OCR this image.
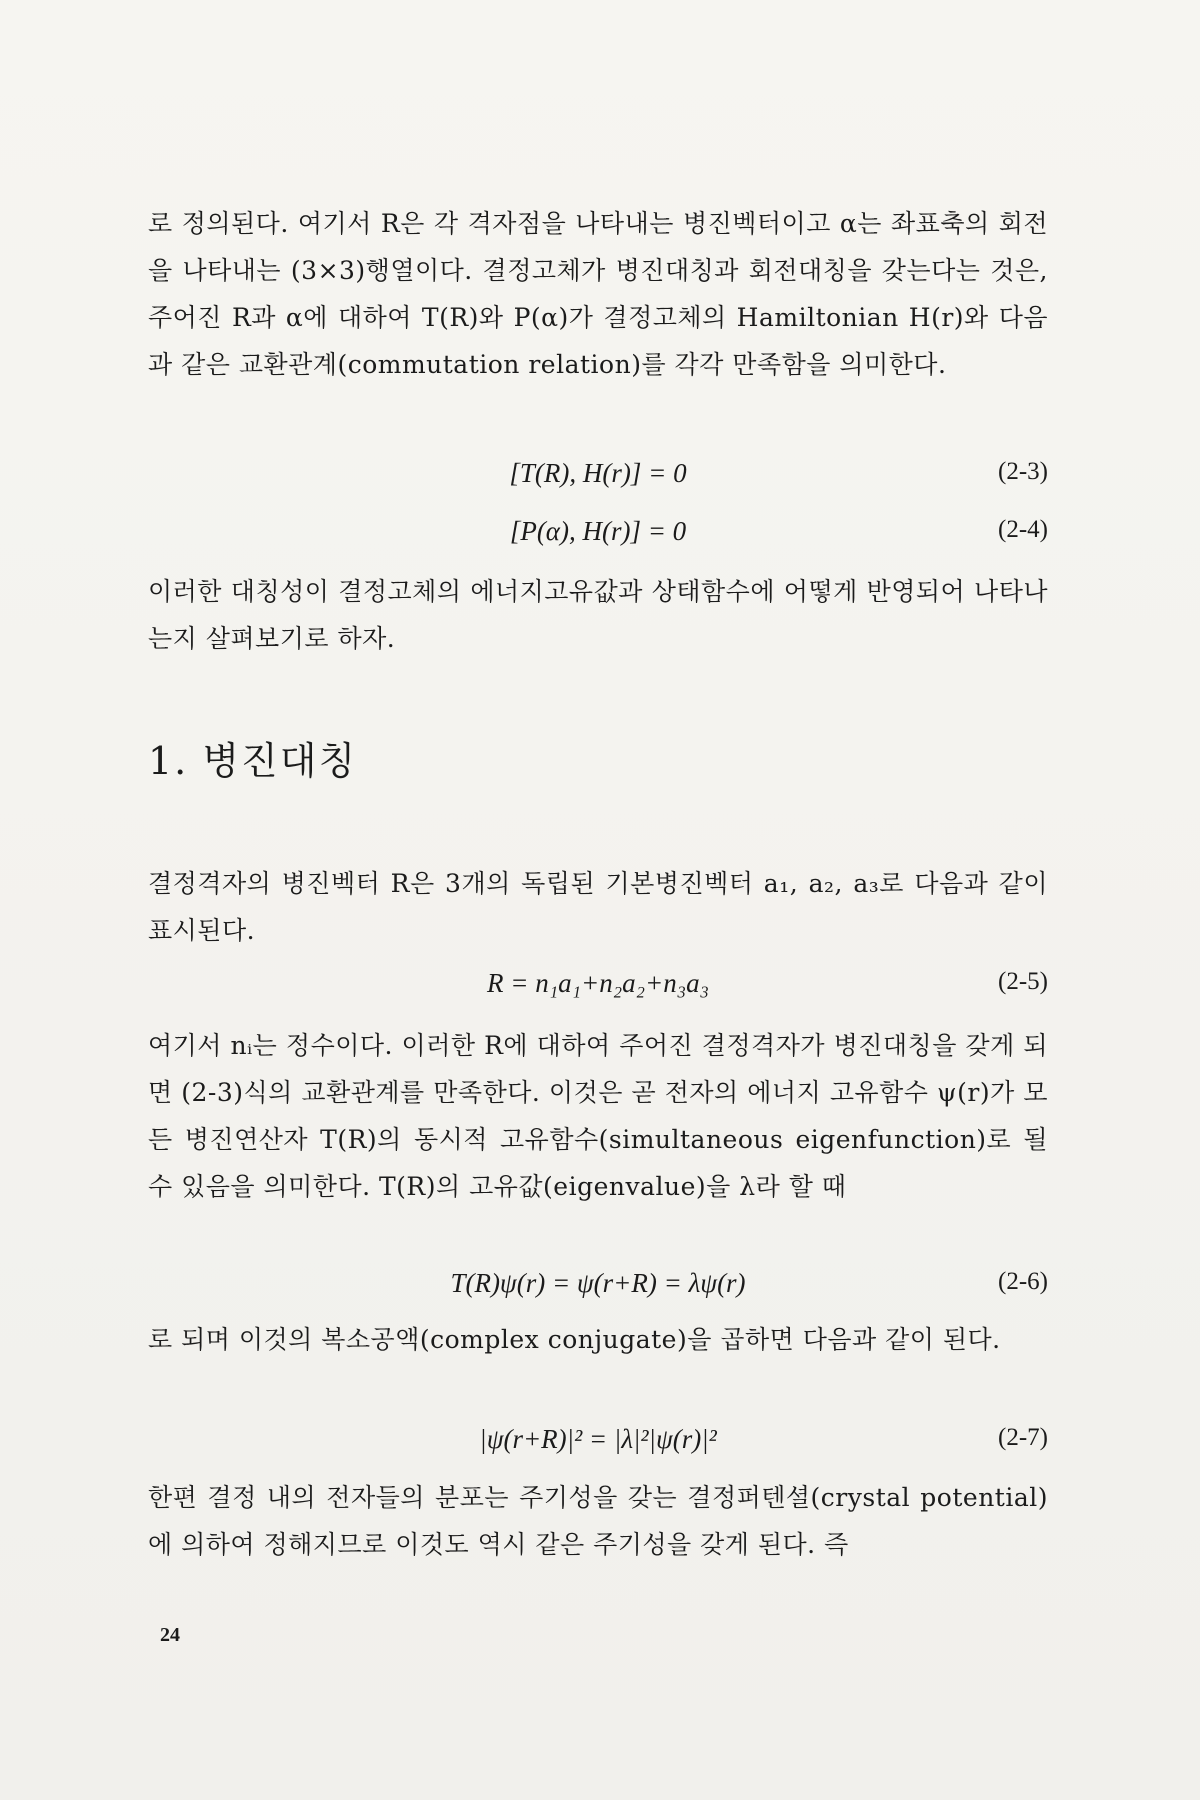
로 정의된다. 여기서 R은 각 격자점을 나타내는 병진벡터이고 α는 좌표축의 회전을 나타내는 (3×3)행열이다. 결정고체가 병진대칭과 회전대칭을 갖는다는 것은, 주어진 R과 α에 대하여 T(R)와 P(α)가 결정고체의 Hamiltonian H(r)와 다음과 같은 교환관계(commutation relation)를 각각 만족함을 의미한다.

[T(R), H(r)] = 0	(2-3)
[P(α), H(r)] = 0	(2-4)

이러한 대칭성이 결정고체의 에너지고유값과 상태함수에 어떻게 반영되어 나타나는지 살펴보기로 하자.

1. 병진대칭

결정격자의 병진벡터 R은 3개의 독립된 기본병진벡터 a₁, a₂, a₃로 다음과 같이 표시된다.

R = n₁a₁+n₂a₂+n₃a₃	(2-5)

여기서 nᵢ는 정수이다. 이러한 R에 대하여 주어진 결정격자가 병진대칭을 갖게 되면 (2-3)식의 교환관계를 만족한다. 이것은 곧 전자의 에너지 고유함수 ψ(r)가 모든 병진연산자 T(R)의 동시적 고유함수(simultaneous eigenfunction)로 될 수 있음을 의미한다. T(R)의 고유값(eigenvalue)을 λ라 할 때

T(R)ψ(r) = ψ(r+R) = λψ(r)	(2-6)

로 되며 이것의 복소공액(complex conjugate)을 곱하면 다음과 같이 된다.

|ψ(r+R)|² = |λ|²|ψ(r)|²	(2-7)

한편 결정 내의 전자들의 분포는 주기성을 갖는 결정퍼텐셜(crystal potential)에 의하여 정해지므로 이것도 역시 같은 주기성을 갖게 된다. 즉

24
